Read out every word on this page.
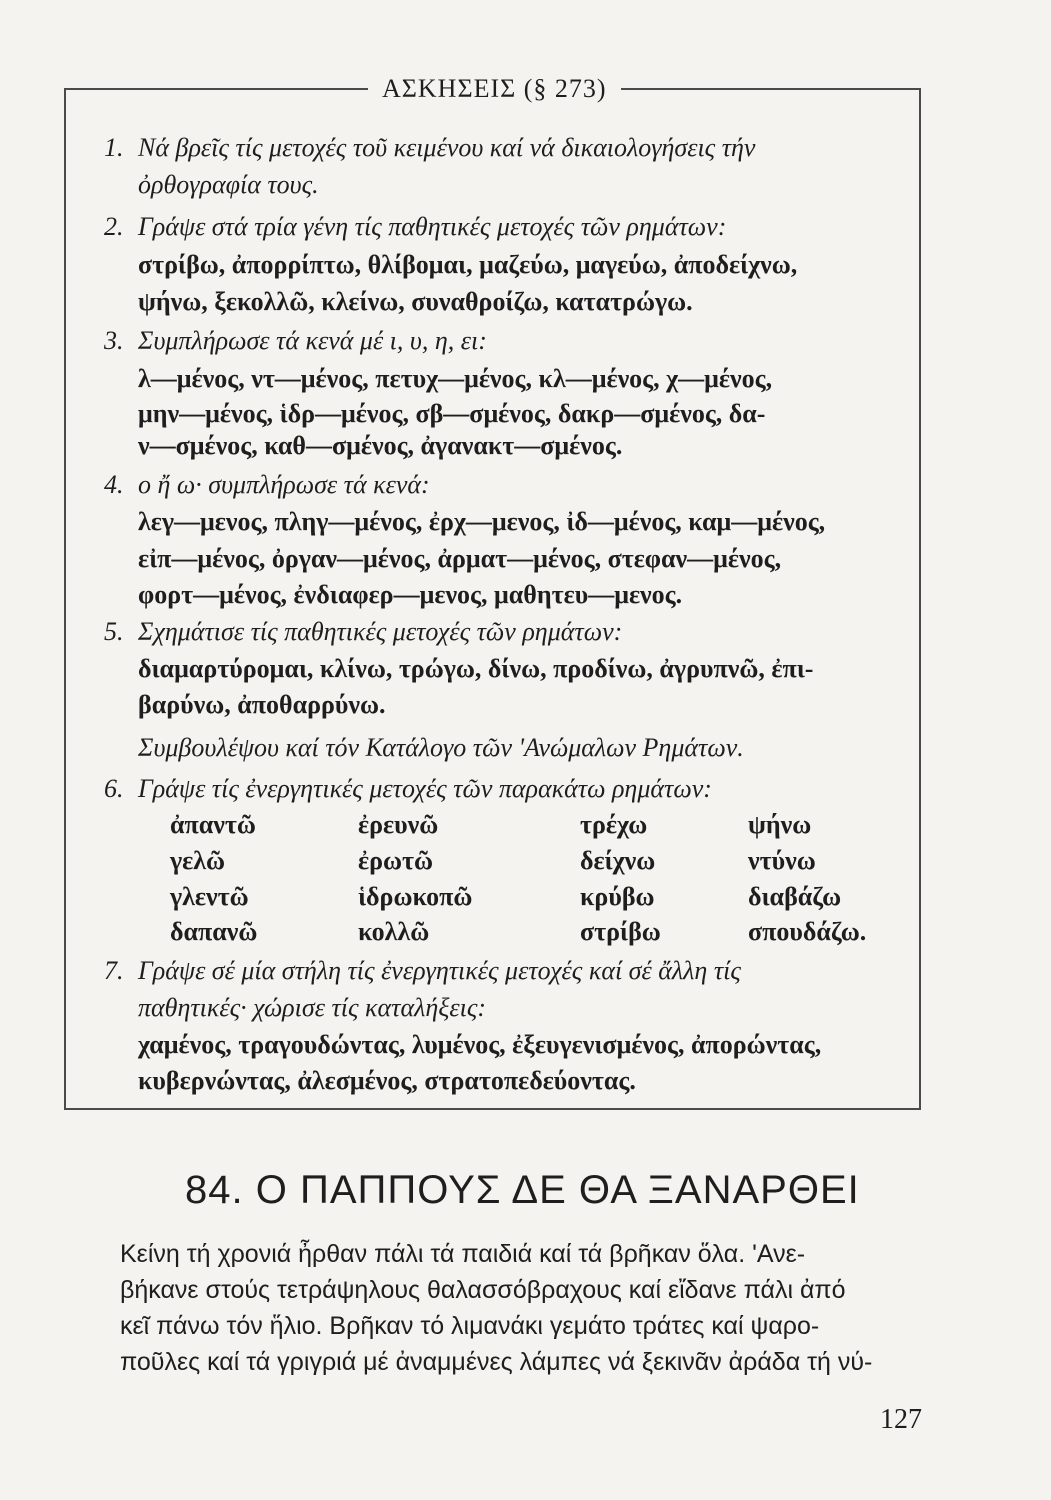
ΑΣΚΗΣΕΙΣ (§ 273)
1. Νά βρεῖς τίς μετοχές τοῦ κειμένου καί νά δικαιολογήσεις τήν
ὀρθογραφία τους.
2. Γράψε στά τρία γένη τίς παθητικές μετοχές τῶν ρημάτων:
στρίβω, ἀπορρίπτω, θλίβομαι, μαζεύω, μαγεύω, ἀποδείχνω,
ψήνω, ξεκολλῶ, κλείνω, συναθροίζω, κατατρώγω.
3. Συμπλήρωσε τά κενά μέ ι, υ, η, ει:
λ—μένος, ντ—μένος, πετυχ—μένος, κλ—μένος, χ—μένος,
μην—μένος, ἱδρ—μένος, σβ—σμένος, δακρ—σμένος, δα-
ν—σμένος, καθ—σμένος, ἀγανακτ—σμένος.
4. ο ἤ ω· συμπλήρωσε τά κενά:
λεγ—μενος, πληγ—μένος, ἐρχ—μενος, ἰδ—μένος, καμ—μένος,
εἰπ—μένος, ὀργαν—μένος, ἀρματ—μένος, στεφαν—μένος,
φορτ—μένος, ἐνδιαφερ—μενος, μαθητευ—μενος.
5. Σχημάτισε τίς παθητικές μετοχές τῶν ρημάτων:
διαμαρτύρομαι, κλίνω, τρώγω, δίνω, προδίνω, ἀγρυπνῶ, ἐπι-
βαρύνω, ἀποθαρρύνω.
Συμβουλέψου καί τόν Κατάλογο τῶν 'Ανώμαλων Ρημάτων.
6. Γράψε τίς ἐνεργητικές μετοχές τῶν παρακάτω ρημάτων:
ἀπαντῶ	ἐρευνῶ	τρέχω	ψήνω
γελῶ	ἐρωτῶ	δείχνω	ντύνω
γλεντῶ	ἱδρωκοπῶ	κρύβω	διαβάζω
δαπανῶ	κολλῶ	στρίβω	σπουδάζω.
7. Γράψε σέ μία στήλη τίς ἐνεργητικές μετοχές καί σέ ἄλλη τίς
παθητικές· χώρισε τίς καταλήξεις:
χαμένος, τραγουδώντας, λυμένος, ἐξευγενισμένος, ἀπορώντας,
κυβερνώντας, ἀλεσμένος, στρατοπεδεύοντας.
84. Ο ΠΑΠΠΟΥΣ ΔΕ ΘΑ ΞΑΝΑΡΘΕΙ
Κείνη τή χρονιά ἦρθαν πάλι τά παιδιά καί τά βρῆκαν ὅλα. 'Ανε-
βήκανε στούς τετράψηλους θαλασσόβραχους καί εἴδανε πάλι ἀπό
κεῖ πάνω τόν ἥλιο. Βρῆκαν τό λιμανάκι γεμάτο τράτες καί ψαρο-
ποῦλες καί τά γριγριά μέ ἀναμμένες λάμπες νά ξεκινᾶν ἀράδα τή νύ-
127
